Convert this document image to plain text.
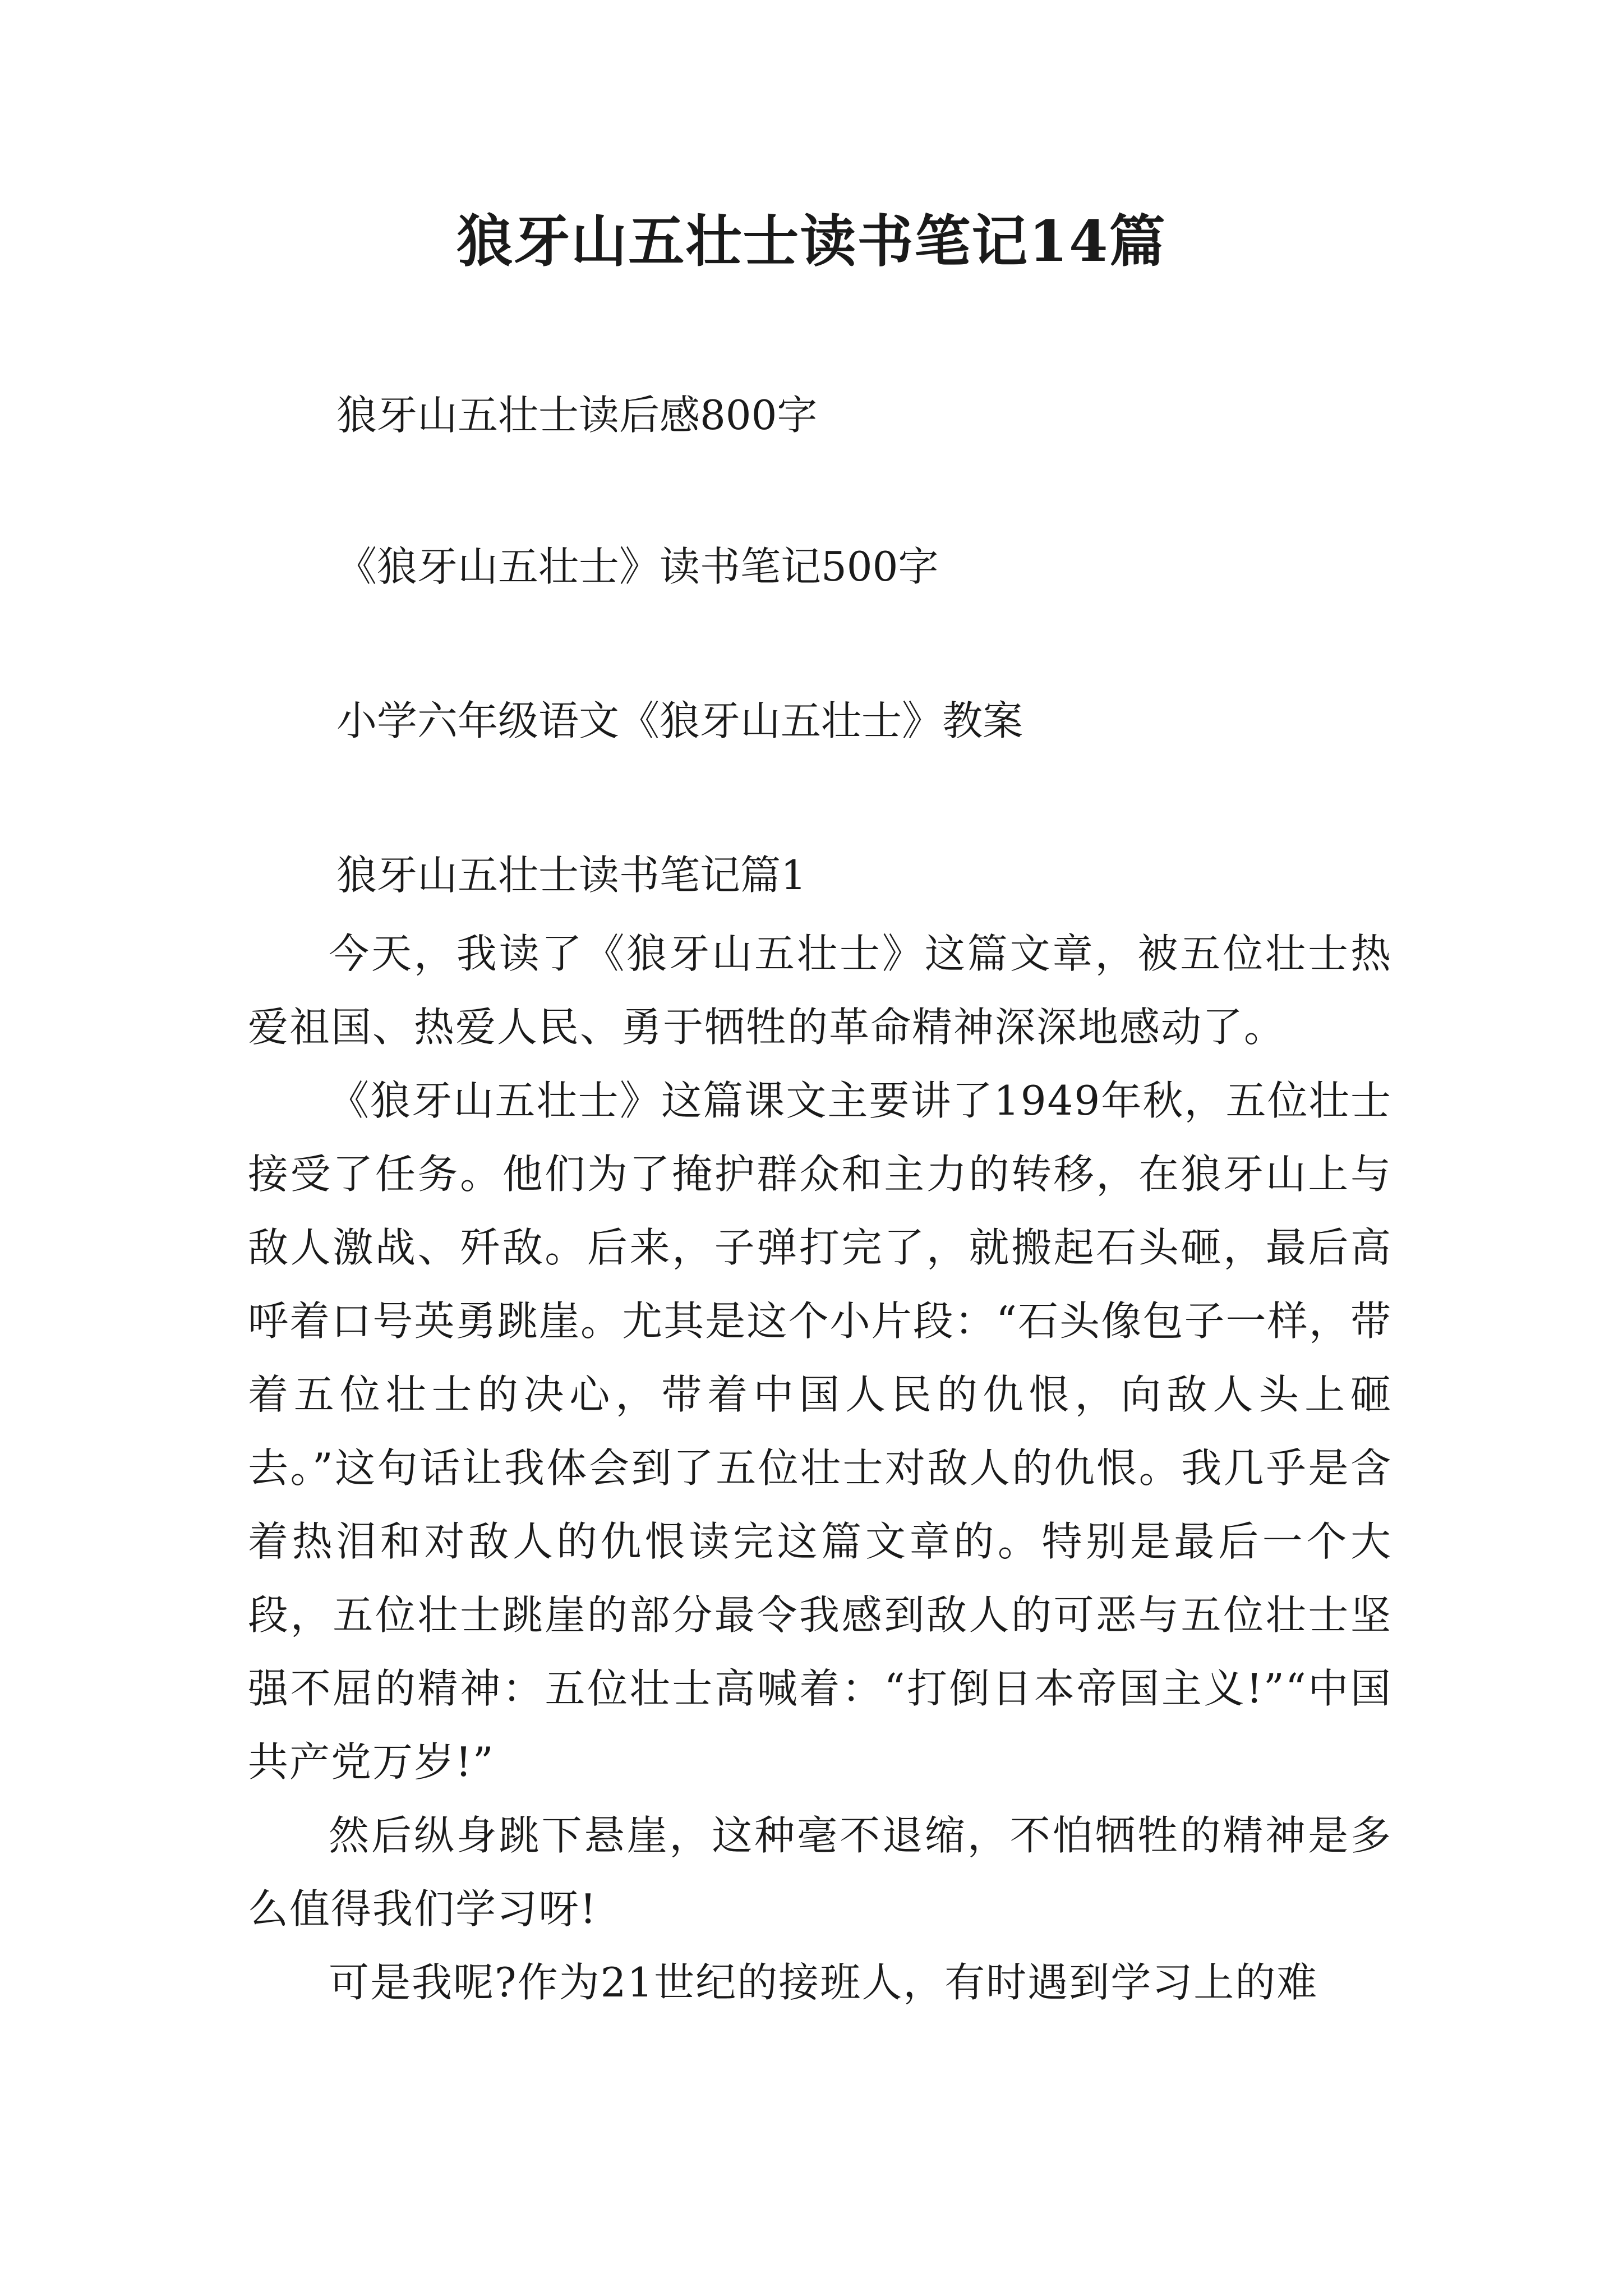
狼牙山五壮士读书笔记14篇

狼牙山五壮士读后感800字

《狼牙山五壮士》读书笔记500字

小学六年级语文《狼牙山五壮士》教案

狼牙山五壮士读书笔记篇1

今天，我读了《狼牙山五壮士》这篇文章，被五位壮士热爱祖国、热爱人民、勇于牺牲的革命精神深深地感动了。

《狼牙山五壮士》这篇课文主要讲了1949年秋，五位壮士接受了任务。他们为了掩护群众和主力的转移，在狼牙山上与敌人激战、歼敌。后来，子弹打完了，就搬起石头砸，最后高呼着口号英勇跳崖。尤其是这个小片段：“石头像包子一样，带着五位壮士的决心，带着中国人民的仇恨，向敌人头上砸去。”这句话让我体会到了五位壮士对敌人的仇恨。我几乎是含着热泪和对敌人的仇恨读完这篇文章的。特别是最后一个大段，五位壮士跳崖的部分最令我感到敌人的可恶与五位壮士坚强不屈的精神：五位壮士高喊着：“打倒日本帝国主义!”“中国共产党万岁!”

然后纵身跳下悬崖，这种毫不退缩，不怕牺牲的精神是多么值得我们学习呀!

可是我呢?作为21世纪的接班人，有时遇到学习上的难
